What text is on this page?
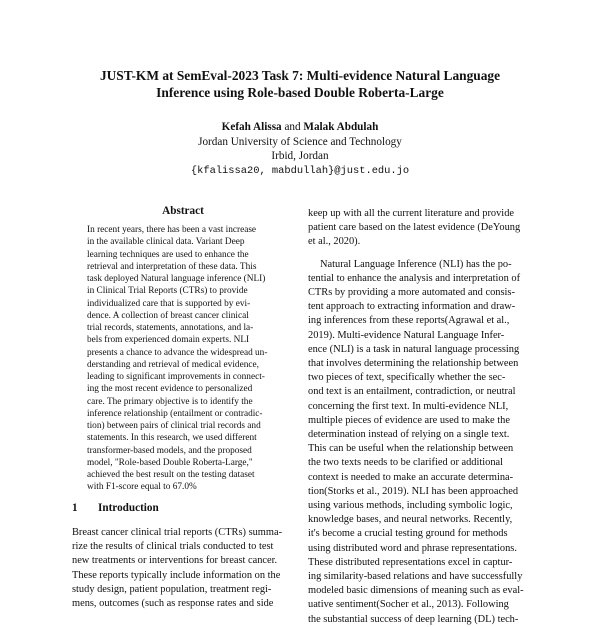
JUST-KM at SemEval-2023 Task 7: Multi-evidence Natural Language
Inference using Role-based Double Roberta-Large
Kefah Alissa and Malak Abdulah
Jordan University of Science and Technology
Irbid, Jordan
{kfalissa20, mabdullah}@just.edu.jo
Abstract
In recent years, there has been a vast increase
in the available clinical data. Variant Deep
learning techniques are used to enhance the
retrieval and interpretation of these data. This
task deployed Natural language inference (NLI)
in Clinical Trial Reports (CTRs) to provide
individualized care that is supported by evi-
dence. A collection of breast cancer clinical
trial records, statements, annotations, and la-
bels from experienced domain experts. NLI
presents a chance to advance the widespread un-
derstanding and retrieval of medical evidence,
leading to significant improvements in connect-
ing the most recent evidence to personalized
care. The primary objective is to identify the
inference relationship (entailment or contradic-
tion) between pairs of clinical trial records and
statements. In this research, we used different
transformer-based models, and the proposed
model, "Role-based Double Roberta-Large,"
achieved the best result on the testing dataset
with F1-score equal to 67.0%
1 Introduction
Breast cancer clinical trial reports (CTRs) summa-
rize the results of clinical trials conducted to test
new treatments or interventions for breast cancer.
These reports typically include information on the
study design, patient population, treatment regi-
mens, outcomes (such as response rates and side
keep up with all the current literature and provide
patient care based on the latest evidence (DeYoung
et al., 2020).
Natural Language Inference (NLI) has the po-
tential to enhance the analysis and interpretation of
CTRs by providing a more automated and consis-
tent approach to extracting information and draw-
ing inferences from these reports(Agrawal et al.,
2019). Multi-evidence Natural Language Infer-
ence (NLI) is a task in natural language processing
that involves determining the relationship between
two pieces of text, specifically whether the sec-
ond text is an entailment, contradiction, or neutral
concerning the first text. In multi-evidence NLI,
multiple pieces of evidence are used to make the
determination instead of relying on a single text.
This can be useful when the relationship between
the two texts needs to be clarified or additional
context is needed to make an accurate determina-
tion(Storks et al., 2019). NLI has been approached
using various methods, including symbolic logic,
knowledge bases, and neural networks. Recently,
it's become a crucial testing ground for methods
using distributed word and phrase representations.
These distributed representations excel in captur-
ing similarity-based relations and have successfully
modeled basic dimensions of meaning such as eval-
uative sentiment(Socher et al., 2013). Following
the substantial success of deep learning (DL) tech-
